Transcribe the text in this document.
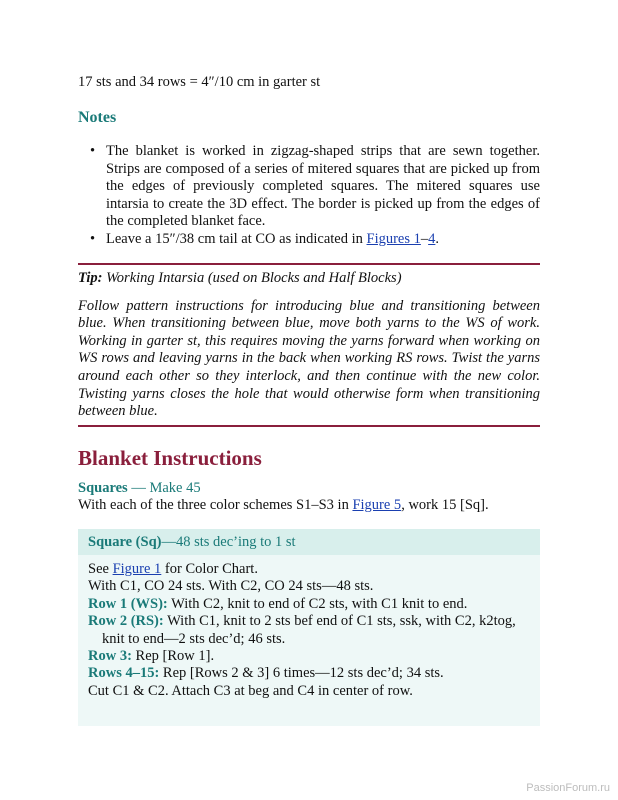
17 sts and 34 rows = 4″/10 cm in garter st
Notes
• The blanket is worked in zigzag-shaped strips that are sewn together. Strips are composed of a series of mitered squares that are picked up from the edges of previously completed squares. The mitered squares use intarsia to create the 3D effect. The border is picked up from the edges of the completed blanket face.
• Leave a 15″/38 cm tail at CO as indicated in Figures 1–4.
Tip: Working Intarsia (used on Blocks and Half Blocks)
Follow pattern instructions for introducing blue and transitioning between blue. When transitioning between blue, move both yarns to the WS of work. Working in garter st, this requires moving the yarns forward when working on WS rows and leaving yarns in the back when working RS rows. Twist the yarns around each other so they interlock, and then continue with the new color. Twisting yarns closes the hole that would otherwise form when transitioning between blue.
Blanket Instructions
Squares — Make 45
With each of the three color schemes S1–S3 in Figure 5, work 15 [Sq].
Square (Sq)—48 sts dec’ing to 1 st
See Figure 1 for Color Chart.
With C1, CO 24 sts. With C2, CO 24 sts—48 sts.
Row 1 (WS): With C2, knit to end of C2 sts, with C1 knit to end.
Row 2 (RS): With C1, knit to 2 sts bef end of C1 sts, ssk, with C2, k2tog, knit to end—2 sts dec’d; 46 sts.
Row 3: Rep [Row 1].
Rows 4–15: Rep [Rows 2 & 3] 6 times—12 sts dec’d; 34 sts.
Cut C1 & C2. Attach C3 at beg and C4 in center of row.
PassionForum.ru
